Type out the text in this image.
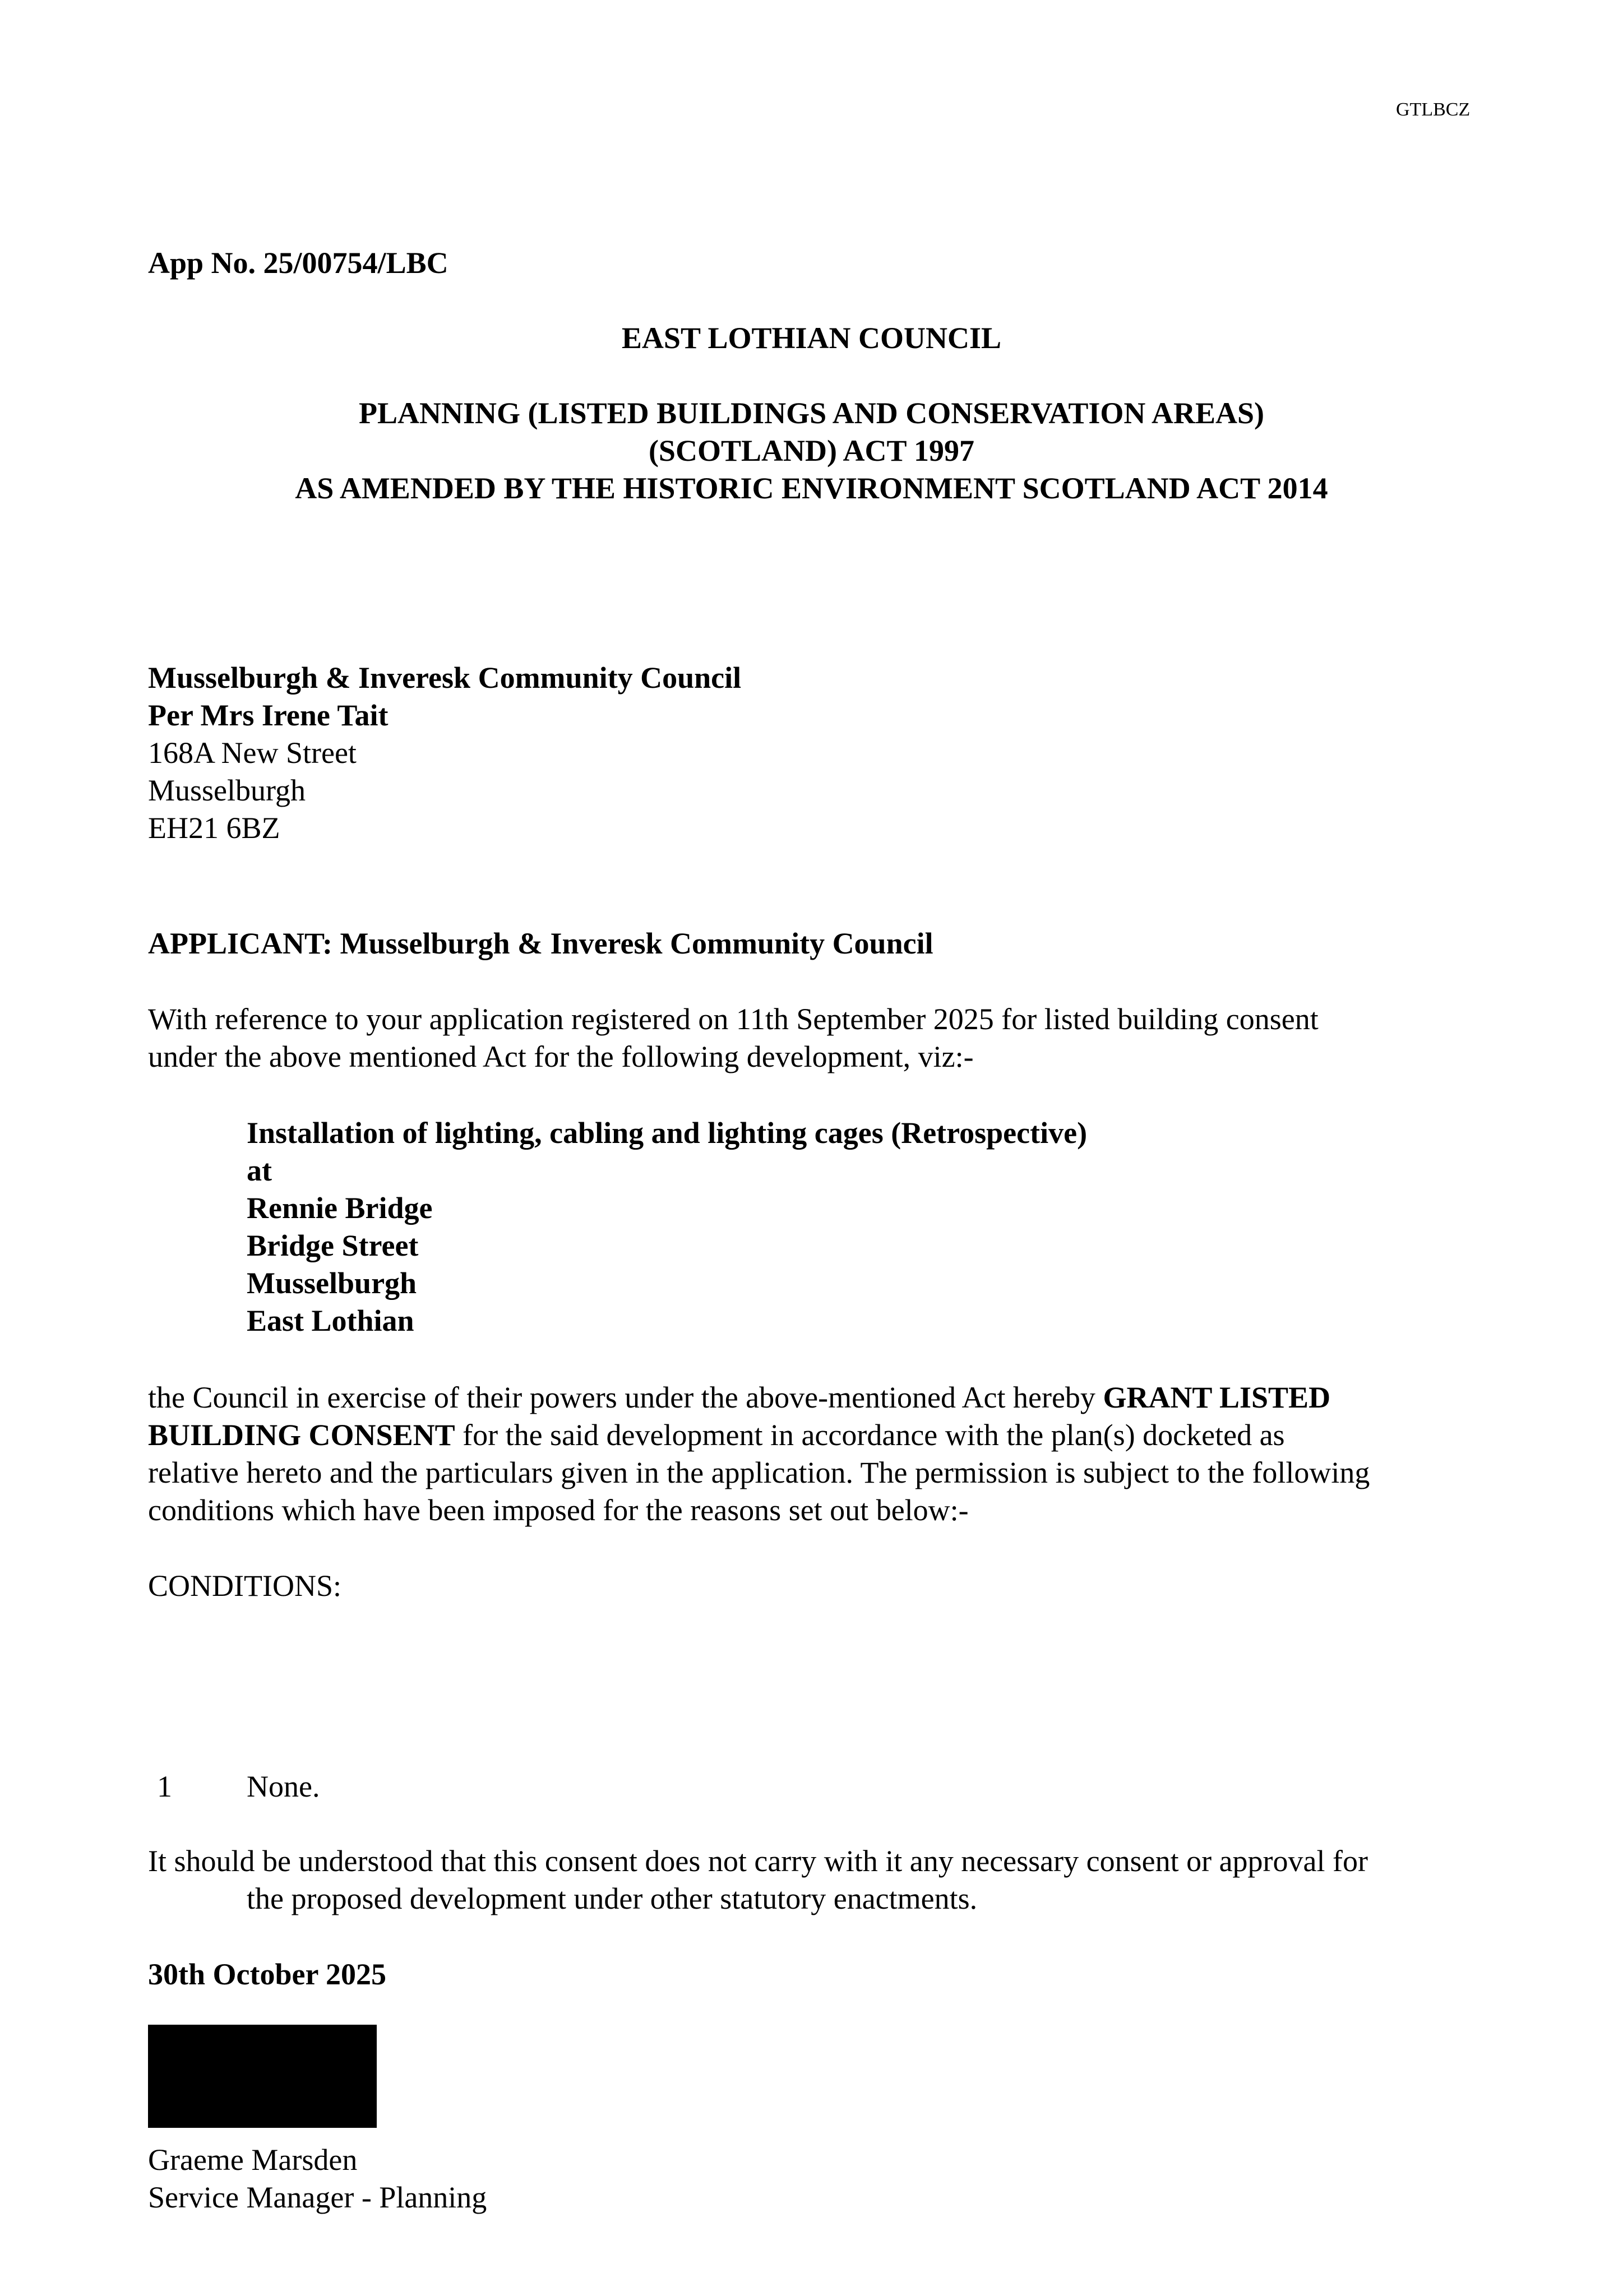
GTLBCZ
App No. 25/00754/LBC
EAST LOTHIAN COUNCIL
PLANNING (LISTED BUILDINGS AND CONSERVATION AREAS)
(SCOTLAND) ACT 1997
AS AMENDED BY THE HISTORIC ENVIRONMENT SCOTLAND ACT 2014
Musselburgh & Inveresk Community Council
Per Mrs Irene Tait
168A New Street
Musselburgh
EH21 6BZ
APPLICANT: Musselburgh & Inveresk Community Council
With reference to your application registered on 11th September 2025 for listed building consent
under the above mentioned Act for the following development, viz:-
Installation of lighting, cabling and lighting cages (Retrospective)
at
Rennie Bridge
Bridge Street
Musselburgh
East Lothian
the Council in exercise of their powers under the above-mentioned Act hereby GRANT LISTED
BUILDING CONSENT for the said development in accordance with the plan(s) docketed as
relative hereto and the particulars given in the application. The permission is subject to the following
conditions which have been imposed for the reasons set out below:-
CONDITIONS:
1 None.
It should be understood that this consent does not carry with it any necessary consent or approval for
the proposed development under other statutory enactments.
30th October 2025
Graeme Marsden
Service Manager - Planning
